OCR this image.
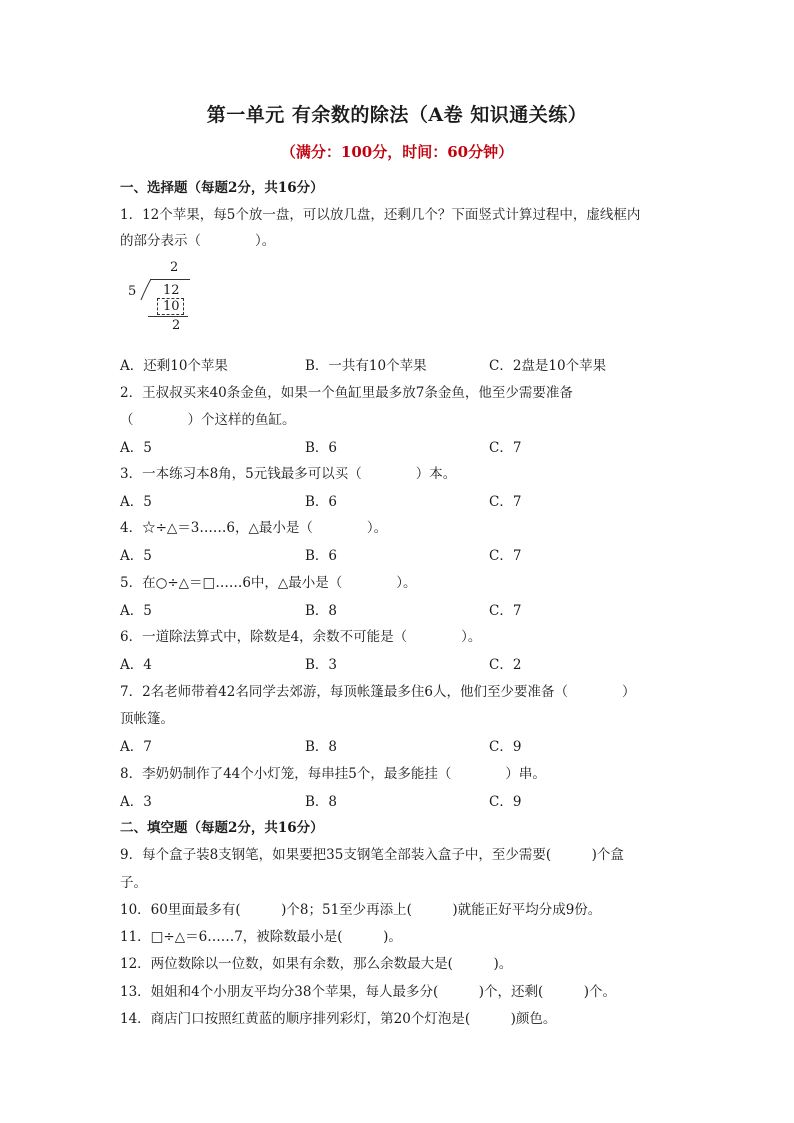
第一单元 有余数的除法（A卷 知识通关练）
（满分：100分，时间：60分钟）
一、选择题（每题2分，共16分）
1．12个苹果，每5个放一盘，可以放几盘，还剩几个？下面竖式计算过程中，虚线框内
的部分表示（　　　　）。
2
5 12
10
2
A．还剩10个苹果	B．一共有10个苹果	C．2盘是10个苹果
2．王叔叔买来40条金鱼，如果一个鱼缸里最多放7条金鱼，他至少需要准备
（　　　　）个这样的鱼缸。
A．5	B．6	C．7
3．一本练习本8角，5元钱最多可以买（　　　　）本。
A．5	B．6	C．7
4．☆÷△＝3……6，△最小是（　　　　）。
A．5	B．6	C．7
5．在○÷△＝□……6中，△最小是（　　　　）。
A．5	B．8	C．7
6．一道除法算式中，除数是4，余数不可能是（　　　　）。
A．4	B．3	C．2
7．2名老师带着42名同学去郊游，每顶帐篷最多住6人，他们至少要准备（　　　　）
顶帐篷。
A．7	B．8	C．9
8．李奶奶制作了44个小灯笼，每串挂5个，最多能挂（　　　　）串。
A．3	B．8	C．9
二、填空题（每题2分，共16分）
9．每个盒子装8支钢笔，如果要把35支钢笔全部装入盒子中，至少需要(　　　)个盒
子。
10．60里面最多有(　　　)个8；51至少再添上(　　　)就能正好平均分成9份。
11．□÷△＝6……7，被除数最小是(　　　)。
12．两位数除以一位数，如果有余数，那么余数最大是(　　　)。
13．姐姐和4个小朋友平均分38个苹果，每人最多分(　　　)个，还剩(　　　)个。
14．商店门口按照红黄蓝的顺序排列彩灯，第20个灯泡是(　　　)颜色。
